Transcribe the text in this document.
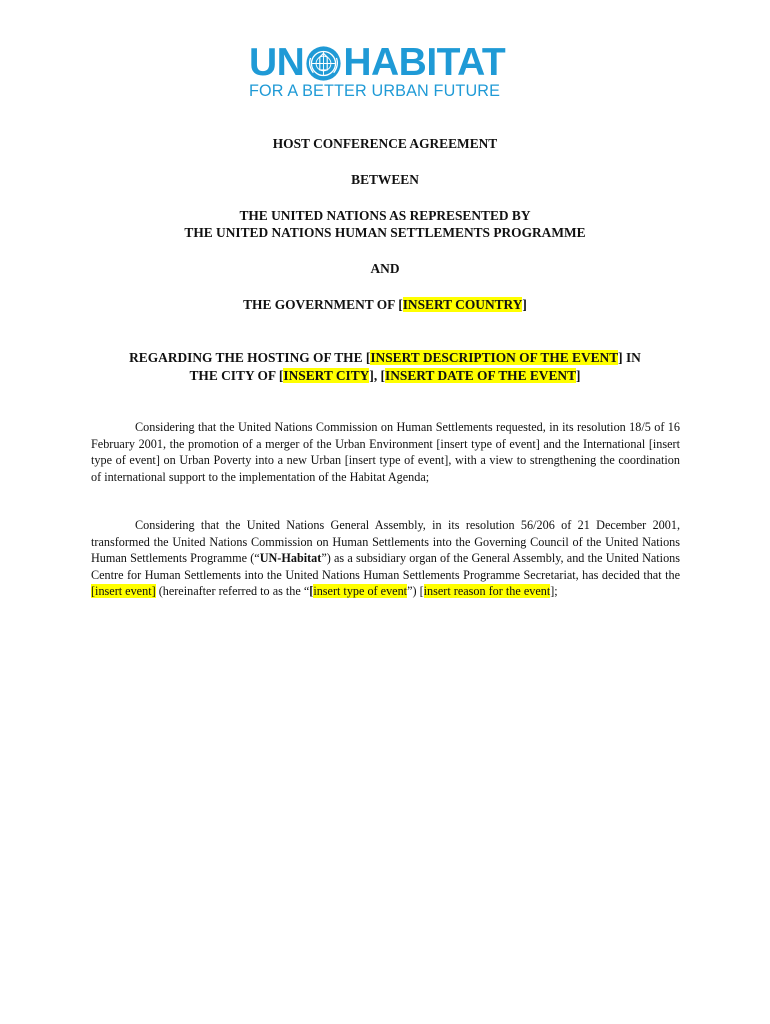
UN HABITAT
FOR A BETTER URBAN FUTURE

HOST CONFERENCE AGREEMENT

BETWEEN

THE UNITED NATIONS AS REPRESENTED BY

THE UNITED NATIONS HUMAN SETTLEMENTS PROGRAMME

AND

THE GOVERNMENT OF [INSERT COUNTRY]

REGARDING THE HOSTING OF THE [INSERT DESCRIPTION OF THE EVENT] IN

THE CITY OF [INSERT CITY], [INSERT DATE OF THE EVENT]

Considering that the United Nations Commission on Human Settlements requested, in its resolution 18/5 of 16 February 2001, the promotion of a merger of the Urban Environment [insert type of event] and the International [insert type of event] on Urban Poverty into a new Urban [insert type of event], with a view to strengthening the coordination of international support to the implementation of the Habitat Agenda;

Considering that the United Nations General Assembly, in its resolution 56/206 of 21 December 2001, transformed the United Nations Commission on Human Settlements into the Governing Council of the United Nations Human Settlements Programme (“UN-Habitat”) as a subsidiary organ of the General Assembly, and the United Nations Centre for Human Settlements into the United Nations Human Settlements Programme Secretariat, has decided that the [insert event] (hereinafter referred to as the “[insert type of event”) [insert reason for the event];
